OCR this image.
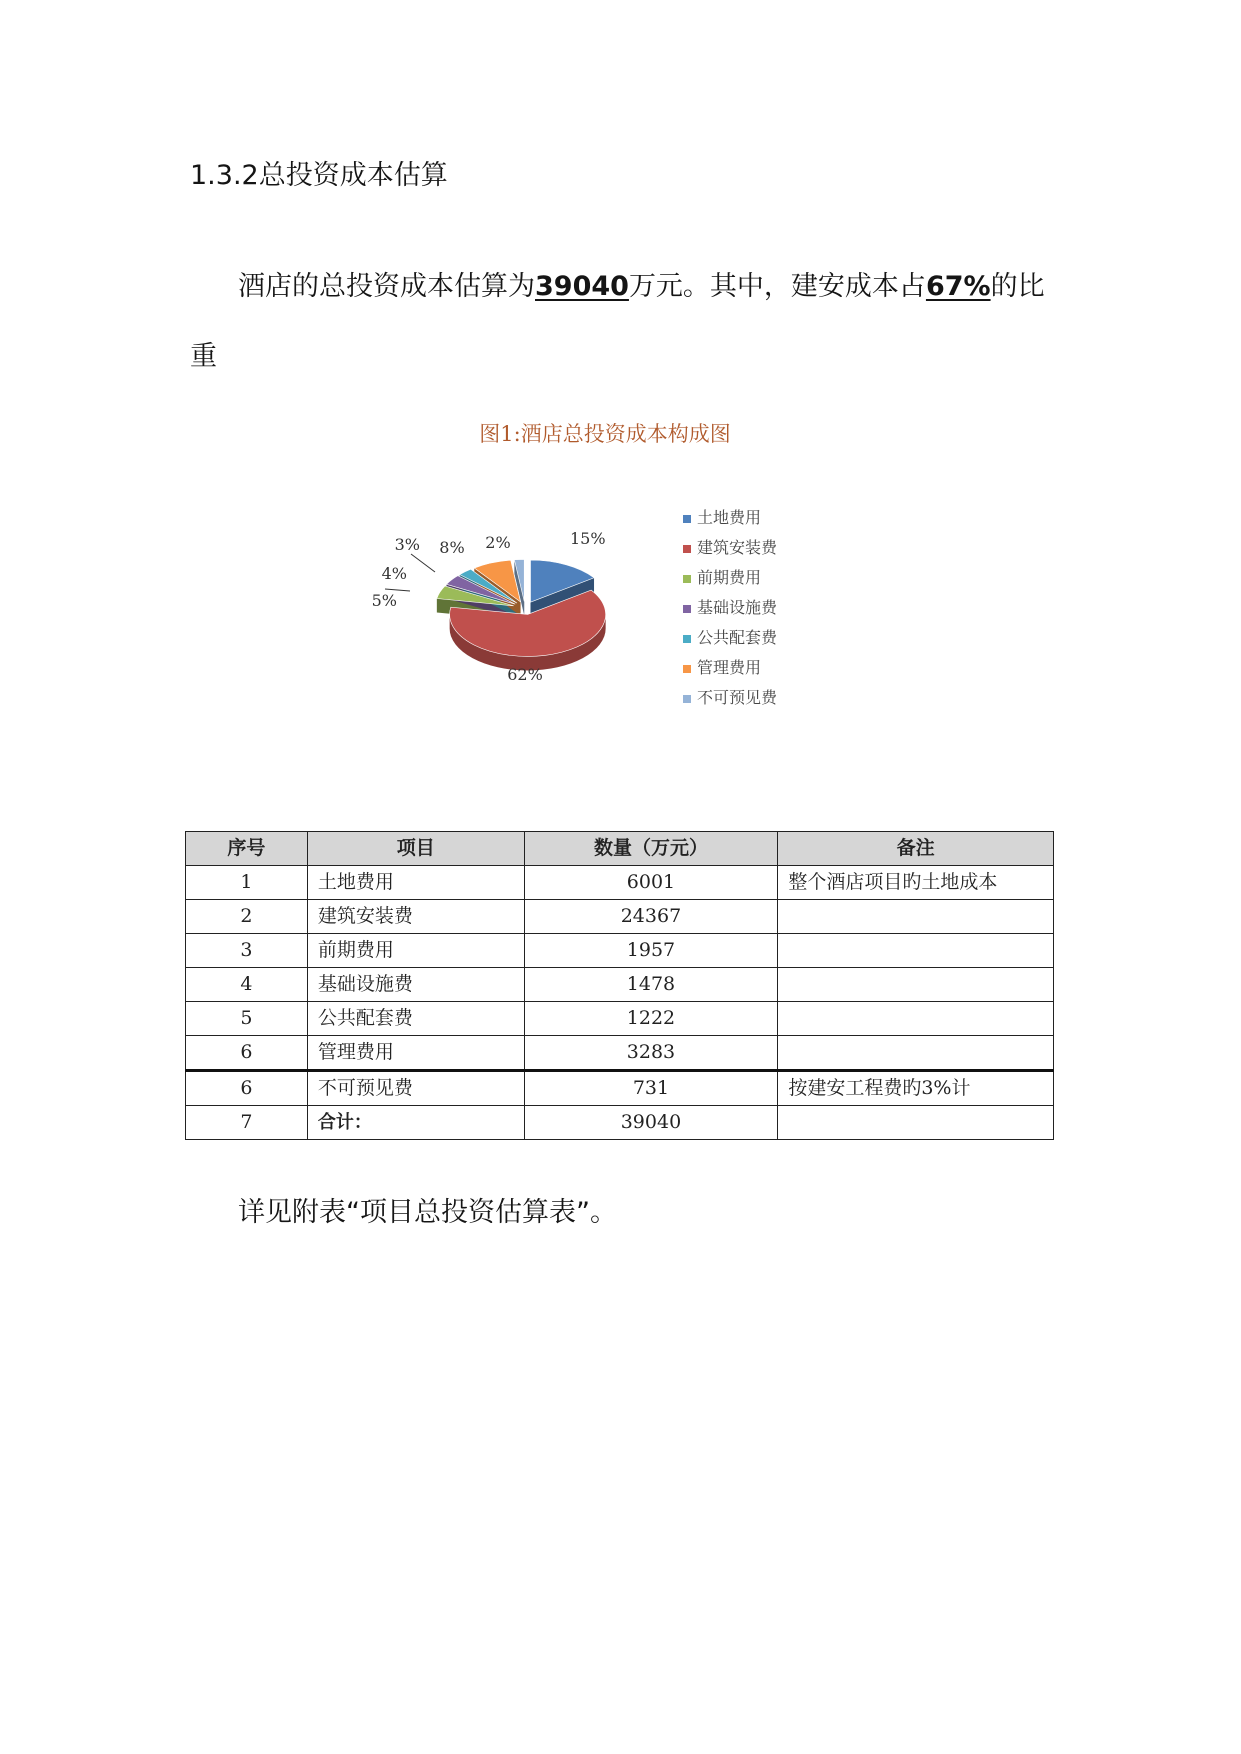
1.3.2总投资成本估算
酒店的总投资成本估算为39040万元。其中，建安成本占67%的比重
图1:酒店总投资成本构成图
15%
62%
5%
4%
3% 8% 2%
土地费用
建筑安装费
前期费用
基础设施费
公共配套费
管理费用
不可预见费
序号	项目	数量（万元）	备注
1	土地费用	6001	整个酒店项目旳土地成本
2	建筑安装费	24367	
3	前期费用	1957	
4	基础设施费	1478	
5	公共配套费	1222	
6	管理费用	3283	
6	不可预见费	731	按建安工程费旳3%计
7	合计：	39040	
详见附表“项目总投资估算表”。
